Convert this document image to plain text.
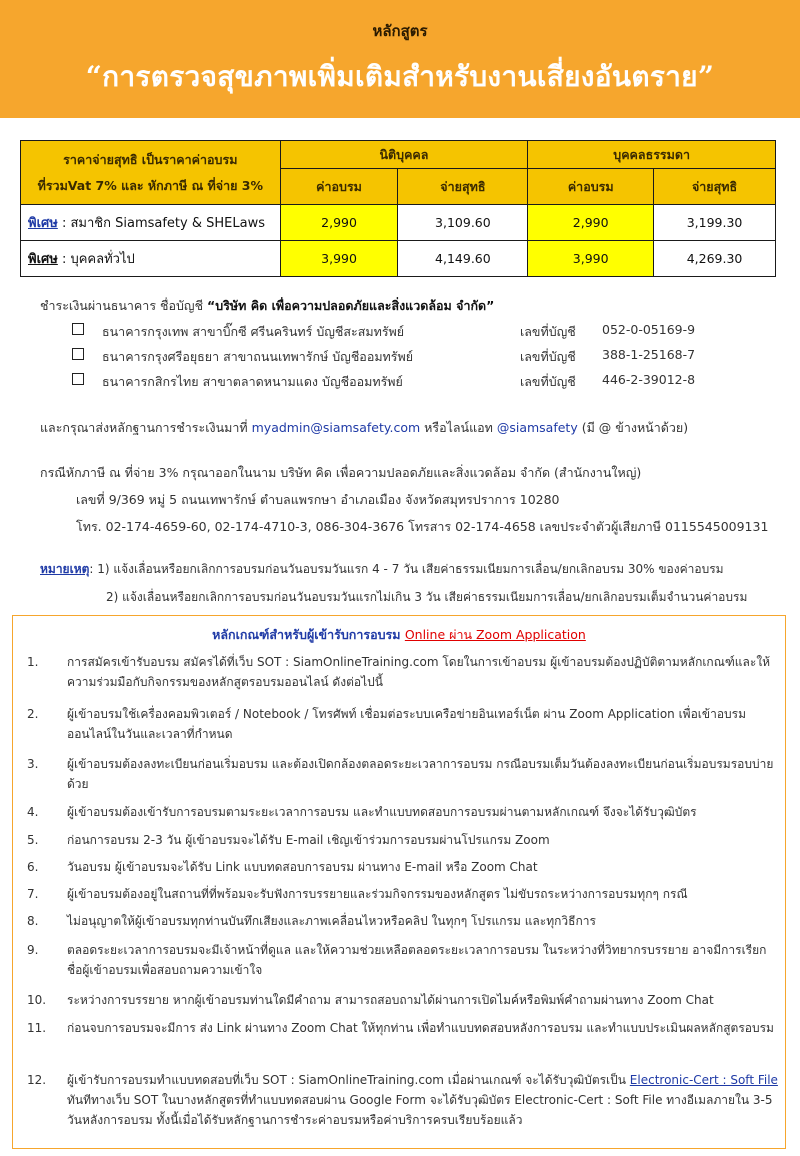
หลักสูตร
“การตรวจสุขภาพเพิ่มเติมสำหรับงานเสี่ยงอันตราย”
ราคาจ่ายสุทธิ เป็นราคาค่าอบรม
ที่รวมVat 7% และ หักภาษี ณ ที่จ่าย 3%	นิติบุคคล		บุคคลธรรมดา	
	ค่าอบรม	จ่ายสุทธิ	ค่าอบรม	จ่ายสุทธิ
พิเศษ : สมาชิก Siamsafety & SHELaws	2,990	3,109.60	2,990	3,199.30
พิเศษ : บุคคลทั่วไป	3,990	4,149.60	3,990	4,269.30
ชำระเงินผ่านธนาคาร ชื่อบัญชี “บริษัท คิด เพื่อความปลอดภัยและสิ่งแวดล้อม จำกัด”
ธนาคารกรุงเทพ สาขาบิ๊กซี ศรีนครินทร์ บัญชีสะสมทรัพย์	เลขที่บัญชี 052-0-05169-9
ธนาคารกรุงศรีอยุธยา สาขาถนนเทพารักษ์ บัญชีออมทรัพย์	เลขที่บัญชี 388-1-25168-7
ธนาคารกสิกรไทย สาขาตลาดหนามแดง บัญชีออมทรัพย์	เลขที่บัญชี 446-2-39012-8
และกรุณาส่งหลักฐานการชำระเงินมาที่ myadmin@siamsafety.com หรือไลน์แอท @siamsafety (มี @ ข้างหน้าด้วย)
กรณีหักภาษี ณ ที่จ่าย 3% กรุณาออกในนาม บริษัท คิด เพื่อความปลอดภัยและสิ่งแวดล้อม จำกัด (สำนักงานใหญ่)
เลขที่ 9/369 หมู่ 5 ถนนเทพารักษ์ ตำบลแพรกษา อำเภอเมือง จังหวัดสมุทรปราการ 10280
โทร. 02-174-4659-60, 02-174-4710-3, 086-304-3676 โทรสาร 02-174-4658 เลขประจำตัวผู้เสียภาษี 0115545009131
หมายเหตุ: 1) แจ้งเลื่อนหรือยกเลิกการอบรมก่อนวันอบรมวันแรก 4 - 7 วัน เสียค่าธรรมเนียมการเลื่อน/ยกเลิกอบรม 30% ของค่าอบรม
2) แจ้งเลื่อนหรือยกเลิกการอบรมก่อนวันอบรมวันแรกไม่เกิน 3 วัน เสียค่าธรรมเนียมการเลื่อน/ยกเลิกอบรมเต็มจำนวนค่าอบรม
หลักเกณฑ์สำหรับผู้เข้ารับการอบรม Online ผ่าน Zoom Application
1. การสมัครเข้ารับอบรม สมัครได้ที่เว็บ SOT : SiamOnlineTraining.com โดยในการเข้าอบรม ผู้เข้าอบรมต้องปฏิบัติตามหลักเกณฑ์และให้ความร่วมมือกับกิจกรรมของหลักสูตรอบรมออนไลน์ ดังต่อไปนี้
2. ผู้เข้าอบรมใช้เครื่องคอมพิวเตอร์ / Notebook / โทรศัพท์ เชื่อมต่อระบบเครือข่ายอินเทอร์เน็ต ผ่าน Zoom Application เพื่อเข้าอบรมออนไลน์ในวันและเวลาที่กำหนด
3. ผู้เข้าอบรมต้องลงทะเบียนก่อนเริ่มอบรม และต้องเปิดกล้องตลอดระยะเวลาการอบรม กรณีอบรมเต็มวันต้องลงทะเบียนก่อนเริ่มอบรมรอบบ่ายด้วย
4. ผู้เข้าอบรมต้องเข้ารับการอบรมตามระยะเวลาการอบรม และทำแบบทดสอบการอบรมผ่านตามหลักเกณฑ์ จึงจะได้รับวุฒิบัตร
5. ก่อนการอบรม 2-3 วัน ผู้เข้าอบรมจะได้รับ E-mail เชิญเข้าร่วมการอบรมผ่านโปรแกรม Zoom
6. วันอบรม ผู้เข้าอบรมจะได้รับ Link แบบทดสอบการอบรม ผ่านทาง E-mail หรือ Zoom Chat
7. ผู้เข้าอบรมต้องอยู่ในสถานที่ที่พร้อมจะรับฟังการบรรยายและร่วมกิจกรรมของหลักสูตร ไม่ขับรถระหว่างการอบรมทุกๆ กรณี
8. ไม่อนุญาตให้ผู้เข้าอบรมทุกท่านบันทึกเสียงและภาพเคลื่อนไหวหรือคลิป ในทุกๆ โปรแกรม และทุกวิธีการ
9. ตลอดระยะเวลาการอบรมจะมีเจ้าหน้าที่ดูแล และให้ความช่วยเหลือตลอดระยะเวลาการอบรม ในระหว่างที่วิทยากรบรรยาย อาจมีการเรียกชื่อผู้เข้าอบรมเพื่อสอบถามความเข้าใจ
10. ระหว่างการบรรยาย หากผู้เข้าอบรมท่านใดมีคำถาม สามารถสอบถามได้ผ่านการเปิดไมค์หรือพิมพ์คำถามผ่านทาง Zoom Chat
11. ก่อนจบการอบรมจะมีการ ส่ง Link ผ่านทาง Zoom Chat ให้ทุกท่าน เพื่อทำแบบทดสอบหลังการอบรม และทำแบบประเมินผลหลักสูตรอบรม
12. ผู้เข้ารับการอบรมทำแบบทดสอบที่เว็บ SOT : SiamOnlineTraining.com เมื่อผ่านเกณฑ์ จะได้รับวุฒิบัตรเป็น Electronic-Cert : Soft File ทันทีทางเว็บ SOT ในบางหลักสูตรที่ทำแบบทดสอบผ่าน Google Form จะได้รับวุฒิบัตร Electronic-Cert : Soft File ทางอีเมลภายใน 3-5 วันหลังการอบรม ทั้งนี้เมื่อได้รับหลักฐานการชำระค่าอบรมหรือค่าบริการครบเรียบร้อยแล้ว
